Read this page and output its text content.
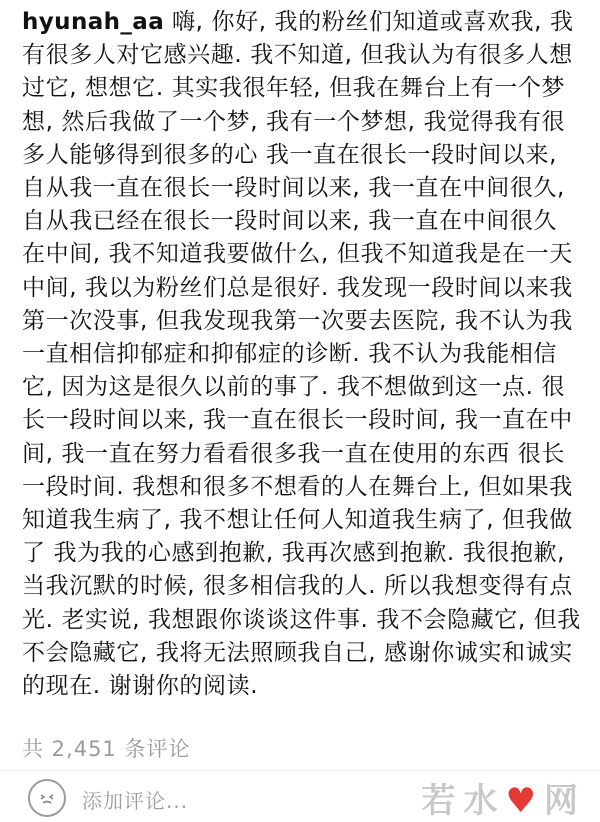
hyunah_aa 嗨, 你好, 我的粉丝们知道或喜欢我, 我有很多人对它感兴趣. 我不知道, 但我认为有很多人想过它, 想想它. 其实我很年轻, 但我在舞台上有一个梦想, 然后我做了一个梦, 我有一个梦想, 我觉得我有很多人能够得到很多的心 我一直在很长一段时间以来, 自从我一直在很长一段时间以来, 我一直在中间很久, 自从我已经在很长一段时间以来, 我一直在中间很久 在中间, 我不知道我要做什么, 但我不知道我是在一天中间, 我以为粉丝们总是很好. 我发现一段时间以来我第一次没事, 但我发现我第一次要去医院, 我不认为我一直相信抑郁症和抑郁症的诊断. 我不认为我能相信它, 因为这是很久以前的事了. 我不想做到这一点. 很长一段时间以来, 我一直在很长一段时间, 我一直在中间, 我一直在努力看看很多我一直在使用的东西 很长一段时间. 我想和很多不想看的人在舞台上, 但如果我知道我生病了, 我不想让任何人知道我生病了, 但我做了 我为我的心感到抱歉, 我再次感到抱歉. 我很抱歉, 当我沉默的时候, 很多相信我的人. 所以我想变得有点光. 老实说, 我想跟你谈谈这件事. 我不会隐藏它, 但我不会隐藏它, 我将无法照顾我自己, 感谢你诚实和诚实的现在. 谢谢你的阅读.
共 2,451 条评论
添加评论...	若水♥网
